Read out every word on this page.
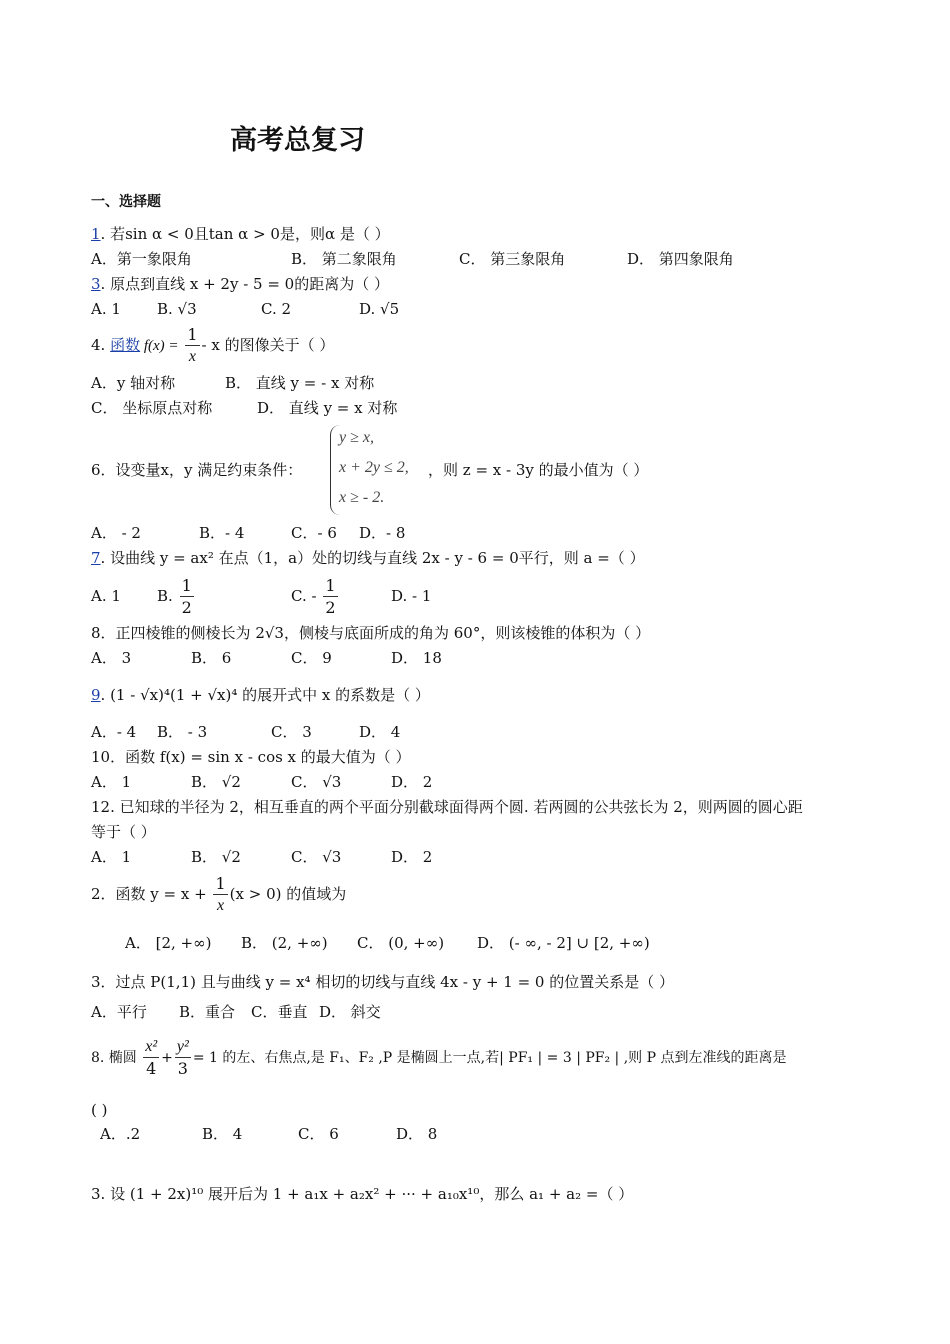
高考总复习
一、选择题
1. 若sin α < 0且tan α > 0是，则α 是（ ）
A．第一象限角	B． 第二象限角	C． 第三象限角	D． 第四象限角
3. 原点到直线 x + 2y - 5 = 0的距离为（ ）
A. 1 B. √3	C. 2	D. √5
4. 函数 $f(x) = \frac{1}{x} - x$ 的图像关于（ ）
A．y 轴对称	B． 直线 y = - x 对称
C． 坐标原点对称	D． 直线 y = x 对称
6．设变量x，y 满足约束条件：
y ≥ x,
x + 2y ≤ 2,
x ≥ - 2.
，则 z = x - 3y 的最小值为（ ）
A． - 2	B．- 4	C．- 6 D．- 8
7. 设曲线 y = ax² 在点（1，a）处的切线与直线 2x - y - 6 = 0平行，则 a =（ ）
A. 1 B. $\frac{1}{2}$	C. - $\frac{1}{2}$	D. - 1
8．正四棱锥的侧棱长为 2√3，侧棱与底面所成的角为 60°，则该棱锥的体积为（ ）
A． 3	B． 6	C． 9	D． 18
9. (1 - √x)⁴(1 + √x)⁴ 的展开式中 x 的系数是（ ）
A．- 4 B． - 3	C． 3	D． 4
10．函数 f(x) = sin x - cos x 的最大值为（ ）
A． 1	B． √2	C． √3	D． 2
12. 已知球的半径为 2，相互垂直的两个平面分别截球面得两个圆. 若两圆的公共弦长为 2，则两圆的圆心距
等于（ ）
A． 1	B． √2	C． √3	D． 2
2．函数 $y = x + \frac{1}{x} (x > 0)$ 的值域为
A． [2, +∞) B． (2, +∞) C． (0, +∞) D． (- ∞, - 2] ∪ [2, +∞)
3．过点 P(1,1) 且与曲线 y = x⁴ 相切的切线与直线 4x - y + 1 = 0 的位置关系是（ ）
A．平行 B．重合 C．垂直 D． 斜交
8. 椭圆 $\frac{\text{x²}}{4} + \frac{\text{y²}}{3} = 1$ 的左、右焦点,是 F₁、F₂ ,P 是椭圆上一点,若| PF₁ | = 3 | PF₂ | ,则 P 点到左准线的距离是
( )
A．.2	B． 4	C． 6	D． 8
3. 设 (1 + 2x)¹⁰ 展开后为 1 + a₁x + a₂x² + ··· + a₁₀x¹⁰，那么 a₁ + a₂ =（ ）
